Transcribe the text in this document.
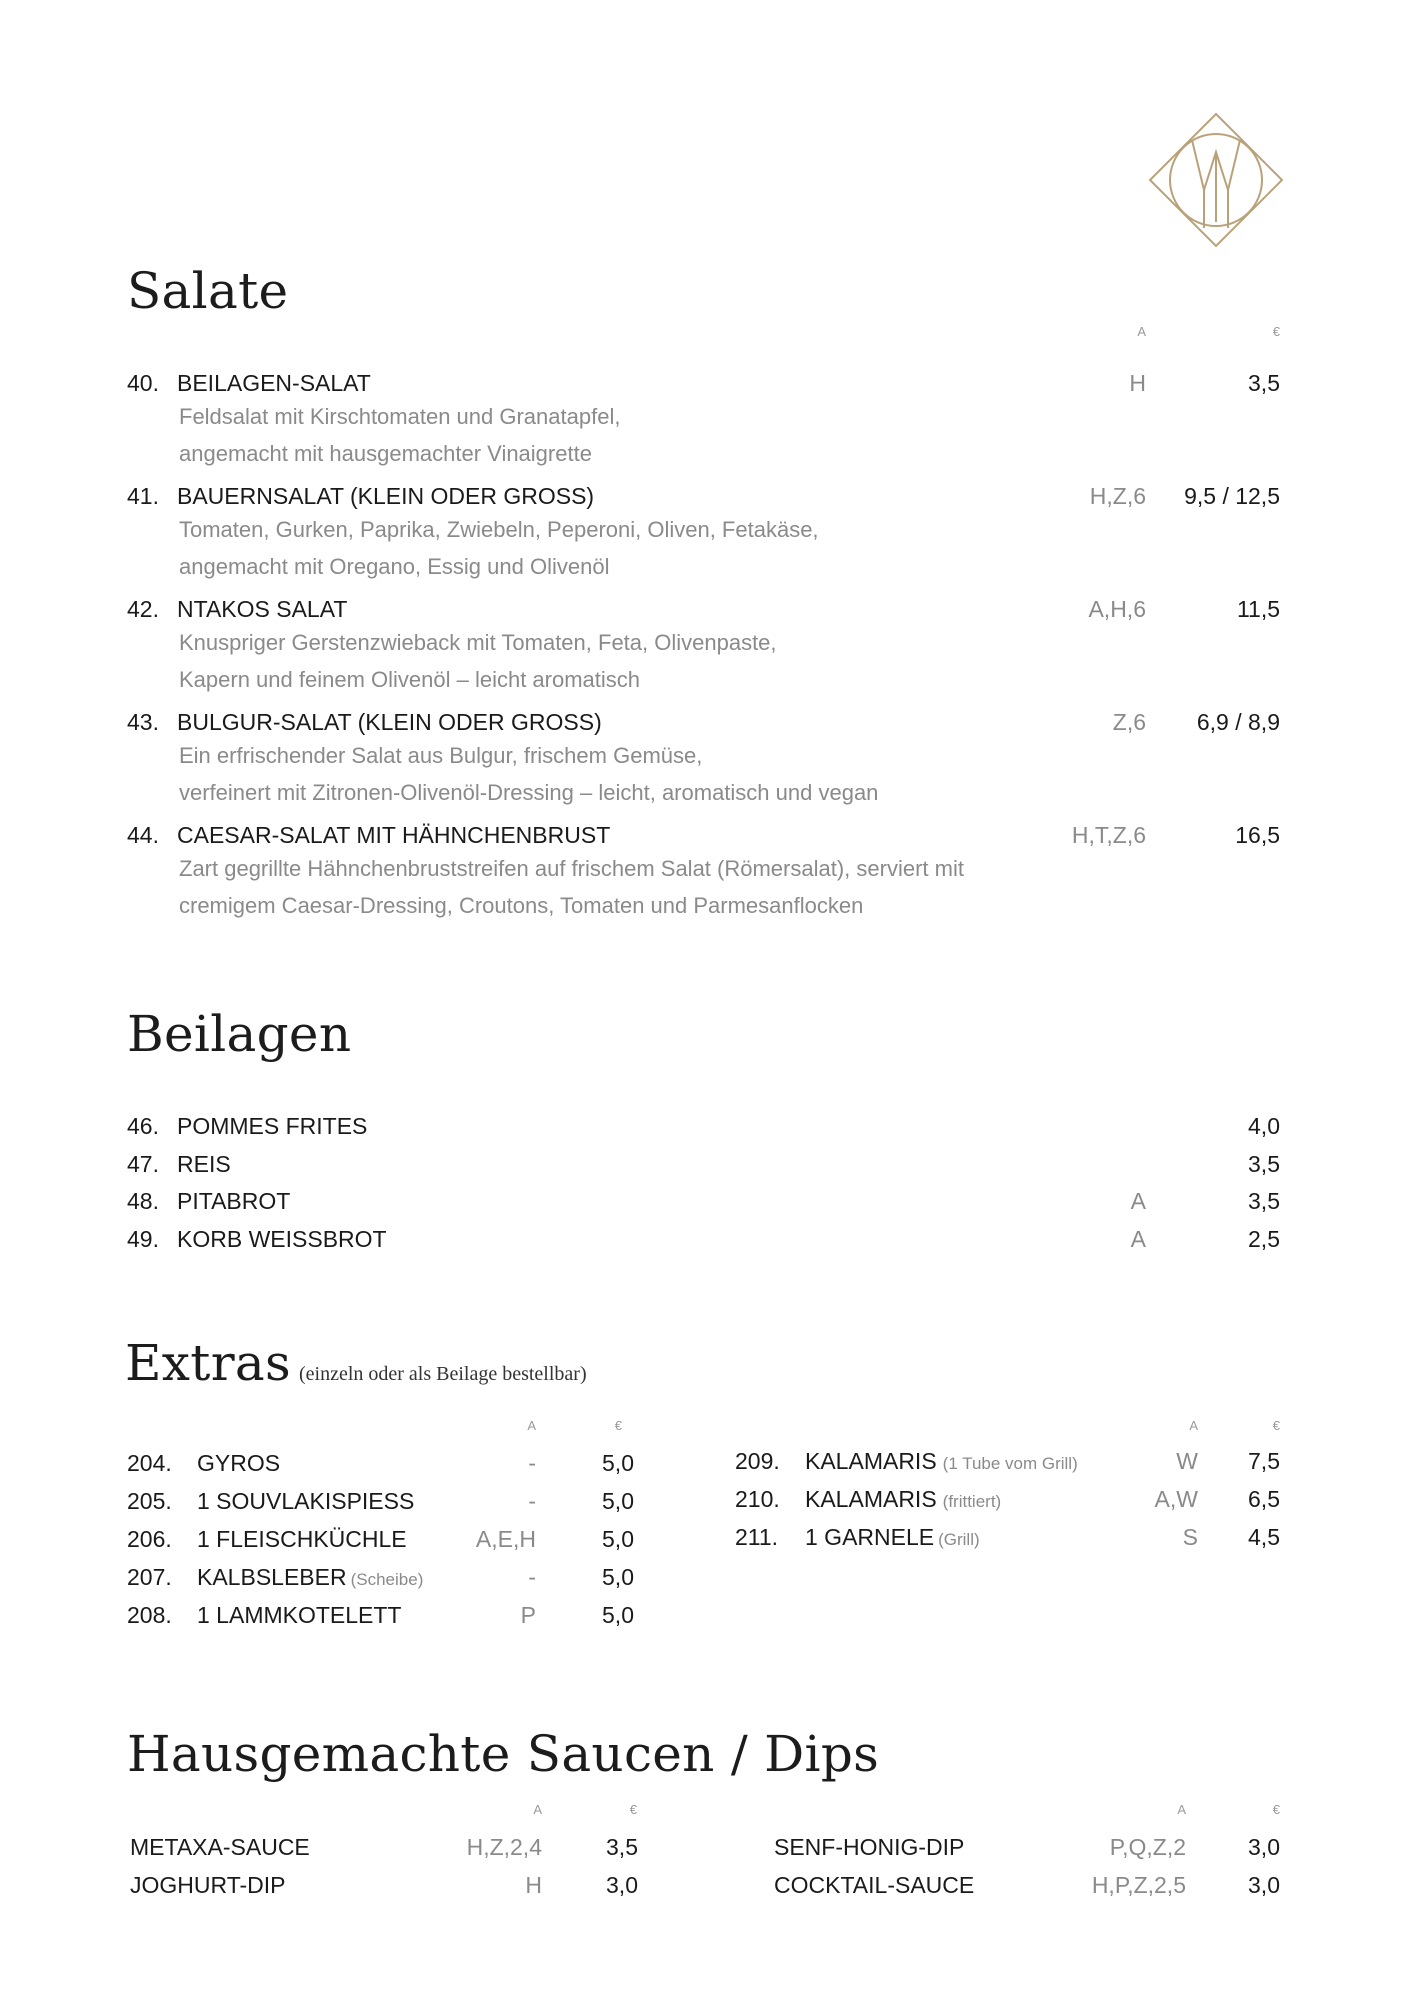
Salate
A	€
40. BEILAGEN-SALAT	H	3,5
Feldsalat mit Kirschtomaten und Granatapfel,
angemacht mit hausgemachter Vinaigrette
41. BAUERNSALAT (KLEIN ODER GROSS)	H,Z,6 9,5 / 12,5
Tomaten, Gurken, Paprika, Zwiebeln, Peperoni, Oliven, Fetakäse,
angemacht mit Oregano, Essig und Olivenöl
42. NTAKOS SALAT	A,H,6	11,5
Knuspriger Gerstenzwieback mit Tomaten, Feta, Olivenpaste,
Kapern und feinem Olivenöl – leicht aromatisch
43. BULGUR-SALAT (KLEIN ODER GROSS)	Z,6 6,9 / 8,9
Ein erfrischender Salat aus Bulgur, frischem Gemüse,
verfeinert mit Zitronen-Olivenöl-Dressing – leicht, aromatisch und vegan
44. CAESAR-SALAT MIT HÄHNCHENBRUST	H,T,Z,6	16,5
Zart gegrillte Hähnchenbruststreifen auf frischem Salat (Römersalat), serviert mit
cremigem Caesar-Dressing, Croutons, Tomaten und Parmesanflocken
Beilagen
46. POMMES FRITES	4,0
47. REIS	3,5
48. PITABROT	A	3,5
49. KORB WEISSBROT	A	2,5
Extras (einzeln oder als Beilage bestellbar)
A	€	A	€
204. GYROS	-	5,0
205. 1 SOUVLAKISPIESS	-	5,0
206. 1 FLEISCHKÜCHLE	A,E,H	5,0
207. KALBSLEBER (Scheibe)	-	5,0
208. 1 LAMMKOTELETT	P	5,0
209. KALAMARIS (1 Tube vom Grill)	W 7,5
210. KALAMARIS (frittiert)	A,W 6,5
211. 1 GARNELE (Grill)	S 4,5
Hausgemachte Saucen / Dips
A	€	A	€
METAXA-SAUCE	H,Z,2,4	3,5
JOGHURT-DIP	H	3,0
SENF-HONIG-DIP	P,Q,Z,2	3,0
COCKTAIL-SAUCE	H,P,Z,2,5	3,0
